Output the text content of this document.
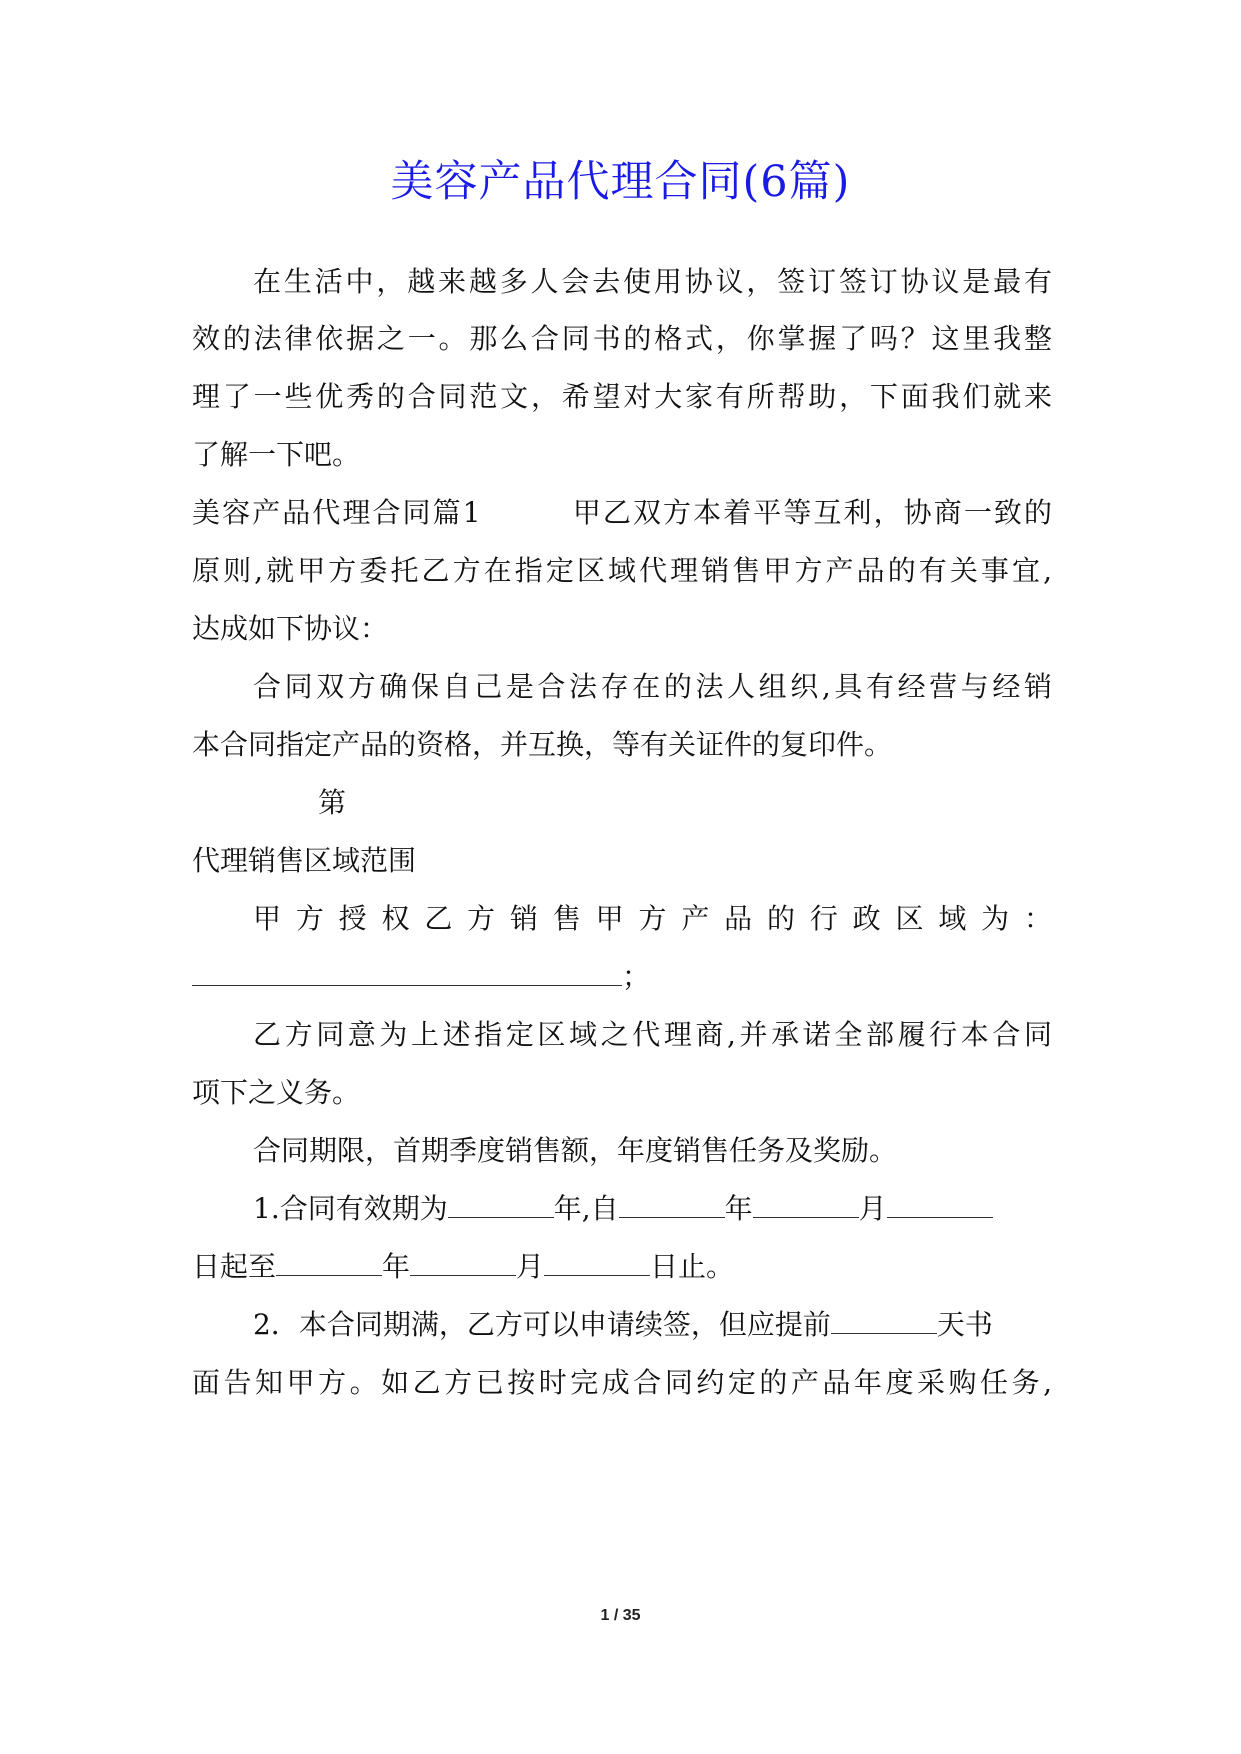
美容产品代理合同(6篇)
在生活中，越来越多人会去使用协议，签订签订协议是最有
效的法律依据之一。那么合同书的格式，你掌握了吗？这里我整
理了一些优秀的合同范文，希望对大家有所帮助，下面我们就来
了解一下吧。
美容产品代理合同篇1　　　甲乙双方本着平等互利，协商一致的
原则,就甲方委托乙方在指定区域代理销售甲方产品的有关事宜,
达成如下协议：
合同双方确保自己是合法存在的法人组织,具有经营与经销
本合同指定产品的资格，并互换，等有关证件的复印件。
第
代理销售区域范围
甲方授权乙方销售甲方产品的行政区域为：
；
乙方同意为上述指定区域之代理商,并承诺全部履行本合同
项下之义务。
合同期限，首期季度销售额，年度销售任务及奖励。
1.合同有效期为	年,自	年	月
日起至	年	月	日止。
2．本合同期满，乙方可以申请续签，但应提前	天书
面告知甲方。如乙方已按时完成合同约定的产品年度采购任务,
1 / 35
